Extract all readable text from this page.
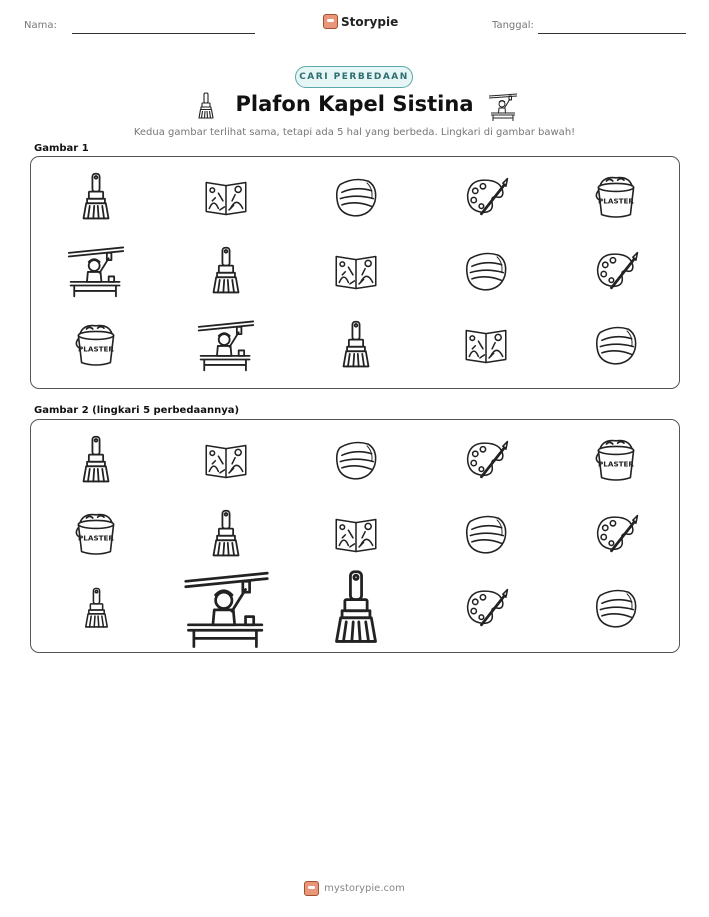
Nama:	Storypie	Tanggal:
CARI PERBEDAAN
Plafon Kapel Sistina
Kedua gambar terlihat sama, tetapi ada 5 hal yang berbeda. Lingkari di gambar bawah!
Gambar 1
PLASTER
PLASTER
Gambar 2 (lingkari 5 perbedaannya)
PLASTER
PLASTER
mystorypie.com
